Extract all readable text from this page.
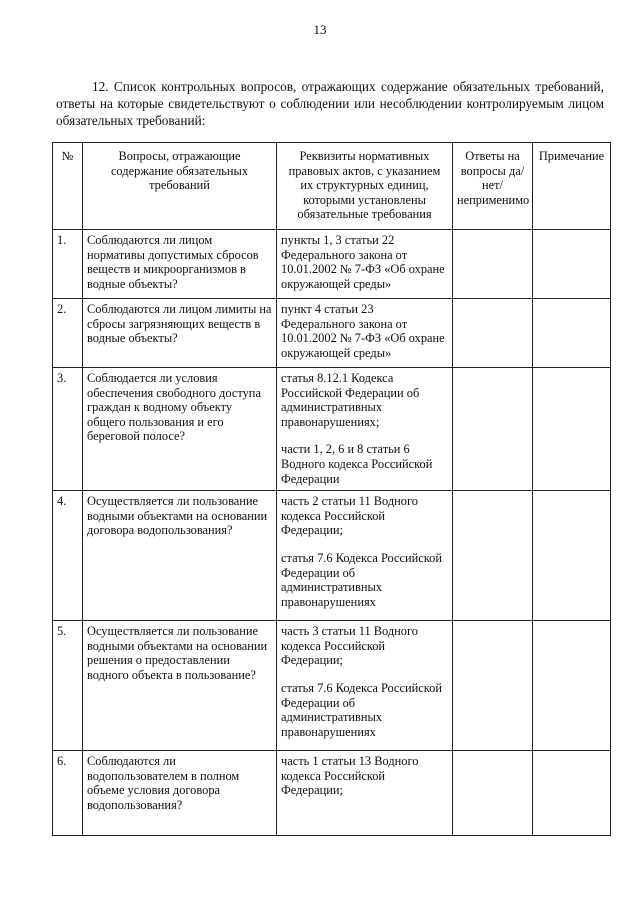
13
12. Список контрольных вопросов, отражающих содержание обязательных требований, ответы на которые свидетельствуют о соблюдении или несоблюдении контролируемым лицом обязательных требований:
№	Вопросы, отражающие содержание обязательных требований	Реквизиты нормативных правовых актов, с указанием их структурных единиц, которыми установлены обязательные требования	Ответы на вопросы да/нет/ неприменимо	Примечание
1.	Соблюдаются ли лицом нормативы допустимых сбросов веществ и микроорганизмов в водные объекты?	пункты 1, 3 статьи 22 Федерального закона от 10.01.2002 № 7-ФЗ «Об охране окружающей среды»		

2.	Соблюдаются ли лицом лимиты на сбросы загрязняющих веществ в водные объекты?	пункт 4 статьи 23 Федерального закона от 10.01.2002 № 7-ФЗ «Об охране окружающей среды»		

3.	Соблюдается ли условия обеспечения свободного доступа граждан к водному объекту общего пользования и его береговой полосе?	статья 8.12.1 Кодекса Российской Федерации об административных правонарушениях;
части 1, 2, 6 и 8 статьи 6 Водного кодекса Российской Федерации		

4.	Осуществляется ли пользование водными объектами на основании договора водопользования?	часть 2 статьи 11 Водного кодекса Российской Федерации;
статья 7.6 Кодекса Российской Федерации об административных правонарушениях		

5.	Осуществляется ли пользование водными объектами на основании решения о предоставлении водного объекта в пользование?	часть 3 статьи 11 Водного кодекса Российской Федерации;
статья 7.6 Кодекса Российской Федерации об административных правонарушениях		

6.	Соблюдаются ли водопользователем в полном объеме условия договора водопользования?	часть 1 статьи 13 Водного кодекса Российской Федерации;		
